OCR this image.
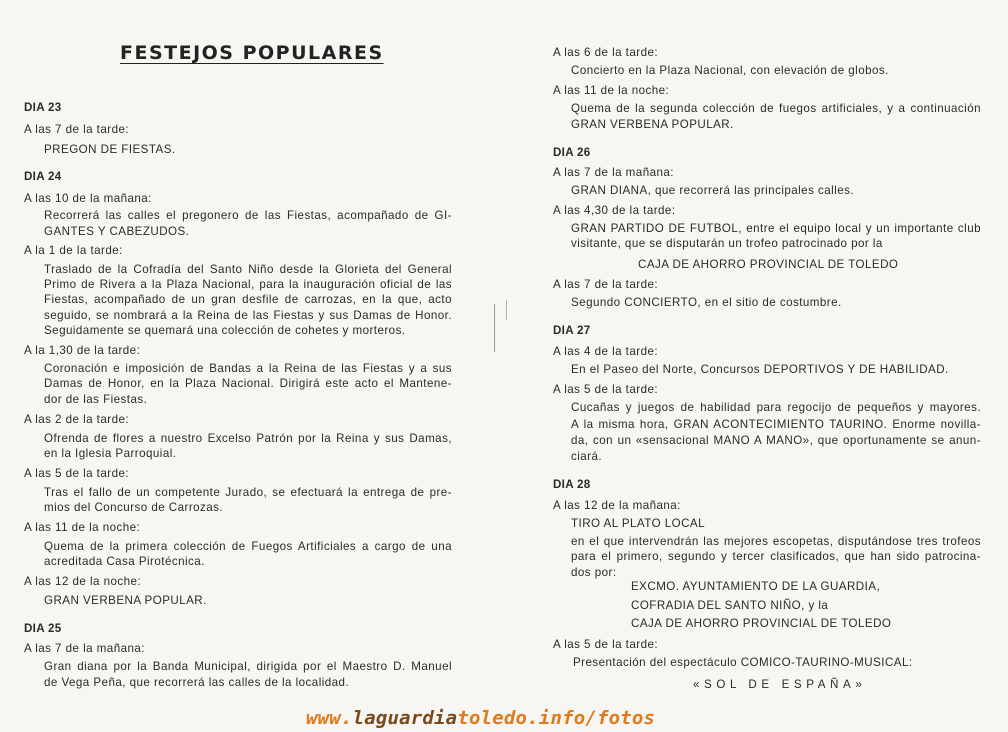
FESTEJOS POPULARES
DIA 23
A las 7 de la tarde:
PREGON DE FIESTAS.
DIA 24
A las 10 de la mañana:
Recorrerá las calles el pregonero de las Fiestas, acompañado de GI-
GANTES Y CABEZUDOS.
A la 1 de la tarde:
Traslado de la Cofradía del Santo Niño desde la Glorieta del General
Primo de Rivera a la Plaza Nacional, para la inauguración oficial de las
Fiestas, acompañado de un gran desfile de carrozas, en la que, acto
seguido, se nombrará a la Reina de las Fiestas y sus Damas de Honor.
Seguidamente se quemará una colección de cohetes y morteros.
A la 1,30 de la tarde:
Coronación e imposición de Bandas a la Reina de las Fiestas y a sus
Damas de Honor, en la Plaza Nacional. Dirigirá este acto el Mantene-
dor de las Fiestas.
A las 2 de la tarde:
Ofrenda de flores a nuestro Excelso Patrón por la Reina y sus Damas,
en la Iglesia Parroquial.
A las 5 de la tarde:
Tras el fallo de un competente Jurado, se efectuará la entrega de pre-
mios del Concurso de Carrozas.
A las 11 de la noche:
Quema de la primera colección de Fuegos Artificiales a cargo de una
acreditada Casa Pirotécnica.
A las 12 de la noche:
GRAN VERBENA POPULAR.
DIA 25
A las 7 de la mañana:
Gran diana por la Banda Municipal, dirigida por el Maestro D. Manuel
de Vega Peña, que recorrerá las calles de la localidad.
A las 6 de la tarde:
Concierto en la Plaza Nacional, con elevación de globos.
A las 11 de la noche:
Quema de la segunda colección de fuegos artificiales, y a continuación
GRAN VERBENA POPULAR.
DIA 26
A las 7 de la mañana:
GRAN DIANA, que recorrerá las principales calles.
A las 4,30 de la tarde:
GRAN PARTIDO DE FUTBOL, entre el equipo local y un importante club
visitante, que se disputarán un trofeo patrocinado por la
CAJA DE AHORRO PROVINCIAL DE TOLEDO
A las 7 de la tarde:
Segundo CONCIERTO, en el sitio de costumbre.
DIA 27
A las 4 de la tarde:
En el Paseo del Norte, Concursos DEPORTIVOS Y DE HABILIDAD.
A las 5 de la tarde:
Cucañas y juegos de habilidad para regocijo de pequeños y mayores.
A la misma hora, GRAN ACONTECIMIENTO TAURINO. Enorme novilla-
da, con un «sensacional MANO A MANO», que oportunamente se anun-
ciará.
DIA 28
A las 12 de la mañana:
TIRO AL PLATO LOCAL
en el que intervendrán las mejores escopetas, disputándose tres trofeos
para el primero, segundo y tercer clasificados, que han sido patrocina-
dos por:
EXCMO. AYUNTAMIENTO DE LA GUARDIA,
COFRADIA DEL SANTO NIÑO, y la
CAJA DE AHORRO PROVINCIAL DE TOLEDO
A las 5 de la tarde:
Presentación del espectáculo COMICO-TAURINO-MUSICAL:
«SOL DE ESPAÑA»
www.laguardiatoledo.info/fotos
